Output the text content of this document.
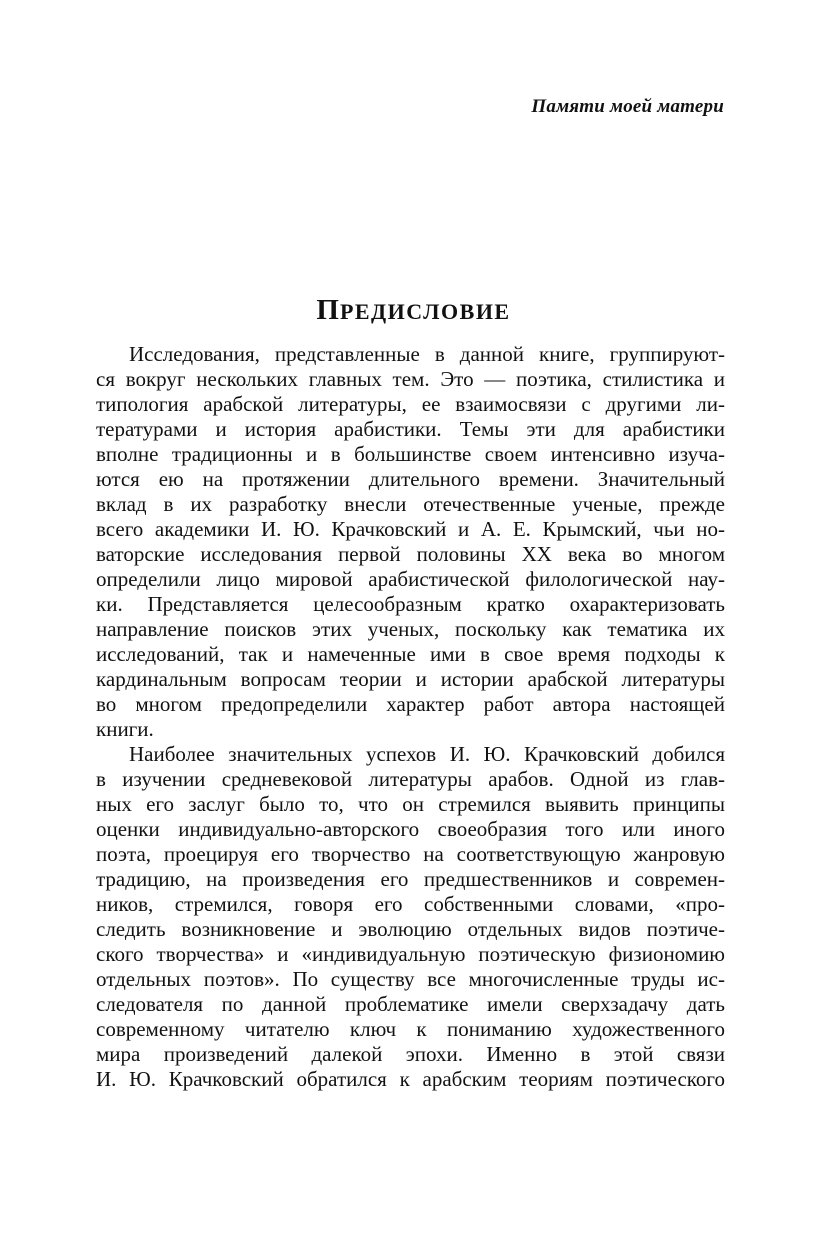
Памяти моей матери
ПРЕДИСЛОВИЕ
Исследования, представленные в данной книге, группируют-
ся вокруг нескольких главных тем. Это — поэтика, стилистика и
типология арабской литературы, ее взаимосвязи с другими ли-
тературами и история арабистики. Темы эти для арабистики
вполне традиционны и в большинстве своем интенсивно изуча-
ются ею на протяжении длительного времени. Значительный
вклад в их разработку внесли отечественные ученые, прежде
всего академики И. Ю. Крачковский и А. Е. Крымский, чьи но-
ваторские исследования первой половины XX века во многом
определили лицо мировой арабистической филологической нау-
ки. Представляется целесообразным кратко охарактеризовать
направление поисков этих ученых, поскольку как тематика их
исследований, так и намеченные ими в свое время подходы к
кардинальным вопросам теории и истории арабской литературы
во многом предопределили характер работ автора настоящей
книги.
Наиболее значительных успехов И. Ю. Крачковский добился
в изучении средневековой литературы арабов. Одной из глав-
ных его заслуг было то, что он стремился выявить принципы
оценки индивидуально-авторского своеобразия того или иного
поэта, проецируя его творчество на соответствующую жанровую
традицию, на произведения его предшественников и современ-
ников, стремился, говоря его собственными словами, «про-
следить возникновение и эволюцию отдельных видов поэтиче-
ского творчества» и «индивидуальную поэтическую физиономию
отдельных поэтов». По существу все многочисленные труды ис-
следователя по данной проблематике имели сверхзадачу дать
современному читателю ключ к пониманию художественного
мира произведений далекой эпохи. Именно в этой связи
И. Ю. Крачковский обратился к арабским теориям поэтического
